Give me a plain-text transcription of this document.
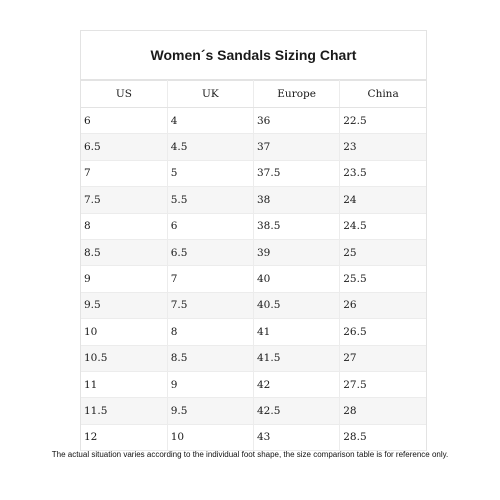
Women´s Sandals Sizing Chart
US	UK	Europe	China
6	4	36	22.5
6.5	4.5	37	23
7	5	37.5	23.5
7.5	5.5	38	24
8	6	38.5	24.5
8.5	6.5	39	25
9	7	40	25.5
9.5	7.5	40.5	26
10	8	41	26.5
10.5	8.5	41.5	27
11	9	42	27.5
11.5	9.5	42.5	28
12	10	43	28.5
The actual situation varies according to the individual foot shape, the size comparison table is for reference only.
